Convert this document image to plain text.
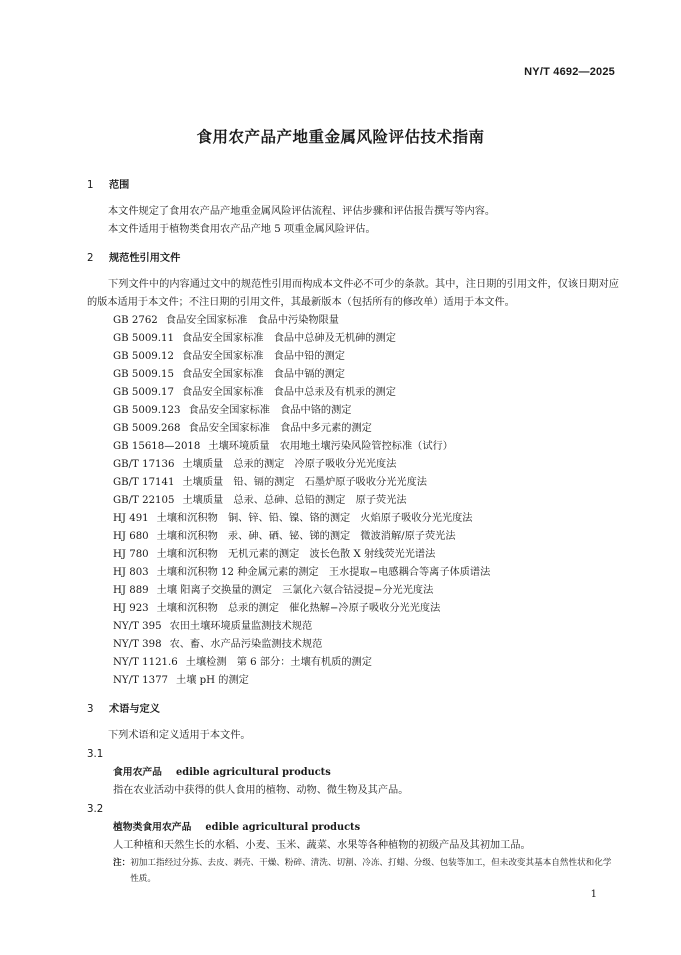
NY/T 4692—2025
食用农产品产地重金属风险评估技术指南
1 范围
本文件规定了食用农产品产地重金属风险评估流程、评估步骤和评估报告撰写等内容。
本文件适用于植物类食用农产品产地 5 项重金属风险评估。
2 规范性引用文件
下列文件中的内容通过文中的规范性引用而构成本文件必不可少的条款。其中，注日期的引用文件，仅该日期对应的版本适用于本文件；不注日期的引用文件，其最新版本（包括所有的修改单）适用于本文件。
GB 2762 食品安全国家标准　食品中污染物限量
GB 5009.11 食品安全国家标准　食品中总砷及无机砷的测定
GB 5009.12 食品安全国家标准　食品中铅的测定
GB 5009.15 食品安全国家标准　食品中镉的测定
GB 5009.17 食品安全国家标准　食品中总汞及有机汞的测定
GB 5009.123 食品安全国家标准　食品中铬的测定
GB 5009.268 食品安全国家标准　食品中多元素的测定
GB 15618—2018 土壤环境质量　农用地土壤污染风险管控标准（试行）
GB/T 17136 土壤质量　总汞的测定　冷原子吸收分光光度法
GB/T 17141 土壤质量　铅、镉的测定　石墨炉原子吸收分光光度法
GB/T 22105 土壤质量　总汞、总砷、总铅的测定　原子荧光法
HJ 491 土壤和沉积物　铜、锌、铅、镍、铬的测定　火焰原子吸收分光光度法
HJ 680 土壤和沉积物　汞、砷、硒、铋、锑的测定　微波消解/原子荧光法
HJ 780 土壤和沉积物　无机元素的测定　波长色散 X 射线荧光光谱法
HJ 803 土壤和沉积物 12 种金属元素的测定　王水提取−电感耦合等离子体质谱法
HJ 889 土壤 阳离子交换量的测定　三氯化六氨合钴浸提−分光光度法
HJ 923 土壤和沉积物　总汞的测定　催化热解−冷原子吸收分光光度法
NY/T 395 农田土壤环境质量监测技术规范
NY/T 398 农、畜、水产品污染监测技术规范
NY/T 1121.6 土壤检测　第 6 部分：土壤有机质的测定
NY/T 1377 土壤 pH 的测定
3 术语与定义
下列术语和定义适用于本文件。
3.1
食用农产品 edible agricultural products
指在农业活动中获得的供人食用的植物、动物、微生物及其产品。
3.2
植物类食用农产品 edible agricultural products
人工种植和天然生长的水稻、小麦、玉米、蔬菜、水果等各种植物的初级产品及其初加工品。
注： 初加工指经过分拣、去皮、剥壳、干燥、粉碎、清洗、切割、冷冻、打蜡、分级、包装等加工，但未改变其基本自然性状和化学性质。
1
